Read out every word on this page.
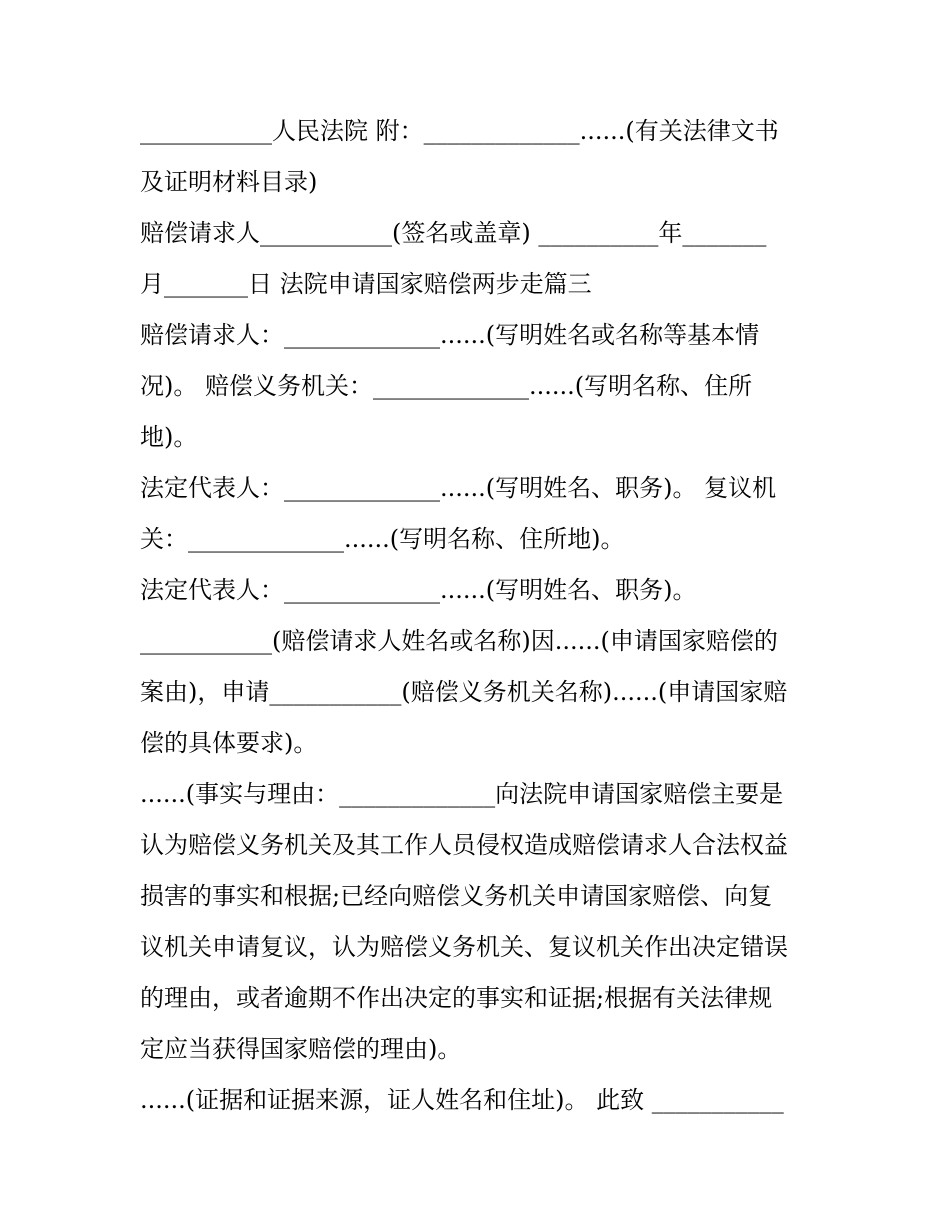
___________人民法院 附：_____________......(有关法律文书
及证明材料目录)
赔偿请求人___________(签名或盖章) __________年_______
月_______日 法院申请国家赔偿两步走篇三
赔偿请求人：_____________......(写明姓名或名称等基本情
况)。 赔偿义务机关：_____________......(写明名称、住所
地)。
法定代表人：_____________......(写明姓名、职务)。 复议机
关：_____________......(写明名称、住所地)。
法定代表人：_____________......(写明姓名、职务)。
___________(赔偿请求人姓名或名称)因......(申请国家赔偿的
案由)，申请___________(赔偿义务机关名称)......(申请国家赔
偿的具体要求)。
......(事实与理由：_____________向法院申请国家赔偿主要是
认为赔偿义务机关及其工作人员侵权造成赔偿请求人合法权益
损害的事实和根据;已经向赔偿义务机关申请国家赔偿、向复
议机关申请复议，认为赔偿义务机关、复议机关作出决定错误
的理由，或者逾期不作出决定的事实和证据;根据有关法律规
定应当获得国家赔偿的理由)。
......(证据和证据来源，证人姓名和住址)。 此致 ___________
